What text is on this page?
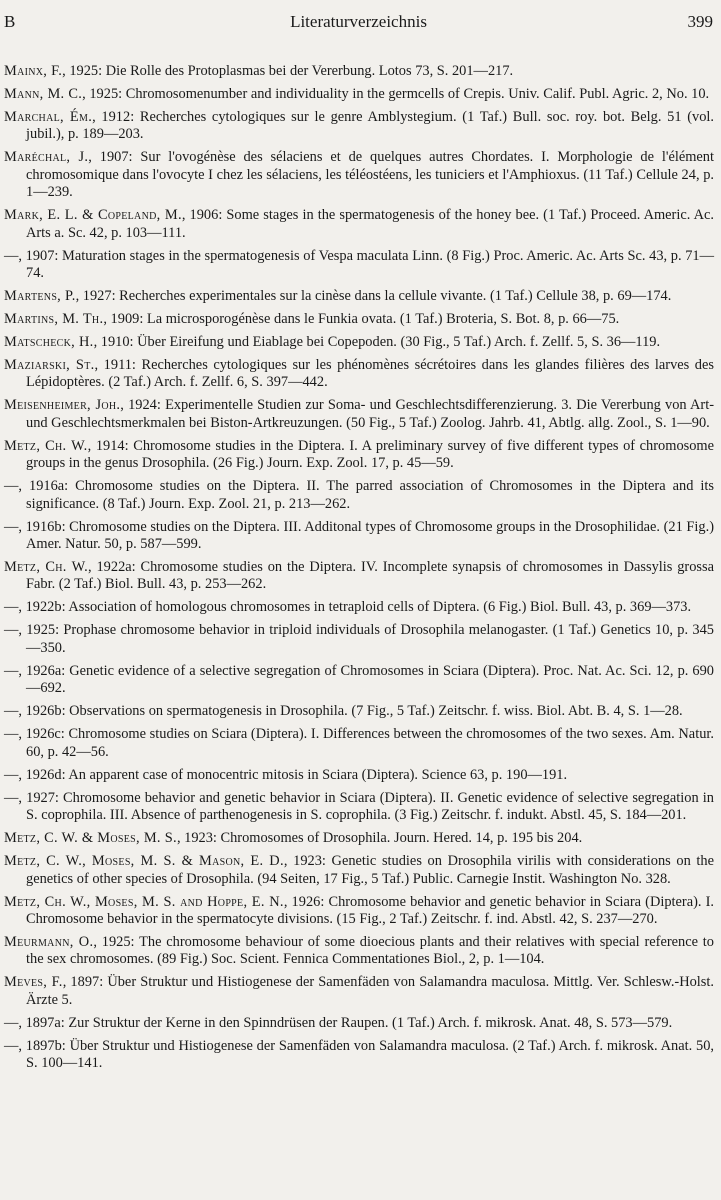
B	Literaturverzeichnis	399
Mainx, F., 1925: Die Rolle des Protoplasmas bei der Vererbung. Lotos 73, S. 201—217.
Mann, M. C., 1925: Chromosomenumber and individuality in the germcells of Crepis. Univ. Calif. Publ. Agric. 2, No. 10.
Marchal, Ém., 1912: Recherches cytologiques sur le genre Amblystegium. (1 Taf.) Bull. soc. roy. bot. Belg. 51 (vol. jubil.), p. 189—203.
Maréchal, J., 1907: Sur l'ovogénèse des sélaciens et de quelques autres Chordates. I. Morphologie de l'élément chromosomique dans l'ovocyte I chez les sélaciens, les téléostéens, les tuniciers et l'Amphioxus. (11 Taf.) Cellule 24, p. 1—239.
Mark, E. L. & Copeland, M., 1906: Some stages in the spermatogenesis of the honey bee. (1 Taf.) Proceed. Americ. Ac. Arts a. Sc. 42, p. 103—111.
—, 1907: Maturation stages in the spermatogenesis of Vespa maculata Linn. (8 Fig.) Proc. Americ. Ac. Arts Sc. 43, p. 71—74.
Martens, P., 1927: Recherches experimentales sur la cinèse dans la cellule vivante. (1 Taf.) Cellule 38, p. 69—174.
Martins, M. Th., 1909: La microsporogénèse dans le Funkia ovata. (1 Taf.) Broteria, S. Bot. 8, p. 66—75.
Matscheck, H., 1910: Über Eireifung und Eiablage bei Copepoden. (30 Fig., 5 Taf.) Arch. f. Zellf. 5, S. 36—119.
Maziarski, St., 1911: Recherches cytologiques sur les phénomènes sécrétoires dans les glandes filières des larves des Lépidoptères. (2 Taf.) Arch. f. Zellf. 6, S. 397—442.
Meisenheimer, Joh., 1924: Experimentelle Studien zur Soma- und Geschlechtsdifferenzierung. 3. Die Vererbung von Art- und Geschlechtsmerkmalen bei Biston-Artkreuzungen. (50 Fig., 5 Taf.) Zoolog. Jahrb. 41, Abtlg. allg. Zool., S. 1—90.
Metz, Ch. W., 1914: Chromosome studies in the Diptera. I. A preliminary survey of five different types of chromosome groups in the genus Drosophila. (26 Fig.) Journ. Exp. Zool. 17, p. 45—59.
—, 1916a: Chromosome studies on the Diptera. II. The parred association of Chromosomes in the Diptera and its significance. (8 Taf.) Journ. Exp. Zool. 21, p. 213—262.
—, 1916b: Chromosome studies on the Diptera. III. Additonal types of Chromosome groups in the Drosophilidae. (21 Fig.) Amer. Natur. 50, p. 587—599.
Metz, Ch. W., 1922a: Chromosome studies on the Diptera. IV. Incomplete synapsis of chromosomes in Dassylis grossa Fabr. (2 Taf.) Biol. Bull. 43, p. 253—262.
—, 1922b: Association of homologous chromosomes in tetraploid cells of Diptera. (6 Fig.) Biol. Bull. 43, p. 369—373.
—, 1925: Prophase chromosome behavior in triploid individuals of Drosophila melanogaster. (1 Taf.) Genetics 10, p. 345—350.
—, 1926a: Genetic evidence of a selective segregation of Chromosomes in Sciara (Diptera). Proc. Nat. Ac. Sci. 12, p. 690—692.
—, 1926b: Observations on spermatogenesis in Drosophila. (7 Fig., 5 Taf.) Zeitschr. f. wiss. Biol. Abt. B. 4, S. 1—28.
—, 1926c: Chromosome studies on Sciara (Diptera). I. Differences between the chromosomes of the two sexes. Am. Natur. 60, p. 42—56.
—, 1926d: An apparent case of monocentric mitosis in Sciara (Diptera). Science 63, p. 190—191.
—, 1927: Chromosome behavior and genetic behavior in Sciara (Diptera). II. Genetic evidence of selective segregation in S. coprophila. III. Absence of parthenogenesis in S. coprophila. (3 Fig.) Zeitschr. f. indukt. Abstl. 45, S. 184—201.
Metz, C. W. & Moses, M. S., 1923: Chromosomes of Drosophila. Journ. Hered. 14, p. 195 bis 204.
Metz, C. W., Moses, M. S. & Mason, E. D., 1923: Genetic studies on Drosophila virilis with considerations on the genetics of other species of Drosophila. (94 Seiten, 17 Fig., 5 Taf.) Public. Carnegie Instit. Washington No. 328.
Metz, Ch. W., Moses, M. S. and Hoppe, E. N., 1926: Chromosome behavior and genetic behavior in Sciara (Diptera). I. Chromosome behavior in the spermatocyte divisions. (15 Fig., 2 Taf.) Zeitschr. f. ind. Abstl. 42, S. 237—270.
Meurmann, O., 1925: The chromosome behaviour of some dioecious plants and their relatives with special reference to the sex chromosomes. (89 Fig.) Soc. Scient. Fennica Commentationes Biol., 2, p. 1—104.
Meves, F., 1897: Über Struktur und Histiogenese der Samenfäden von Salamandra maculosa. Mittlg. Ver. Schlesw.-Holst. Ärzte 5.
—, 1897a: Zur Struktur der Kerne in den Spinndrüsen der Raupen. (1 Taf.) Arch. f. mikrosk. Anat. 48, S. 573—579.
—, 1897b: Über Struktur und Histiogenese der Samenfäden von Salamandra maculosa. (2 Taf.) Arch. f. mikrosk. Anat. 50, S. 100—141.
